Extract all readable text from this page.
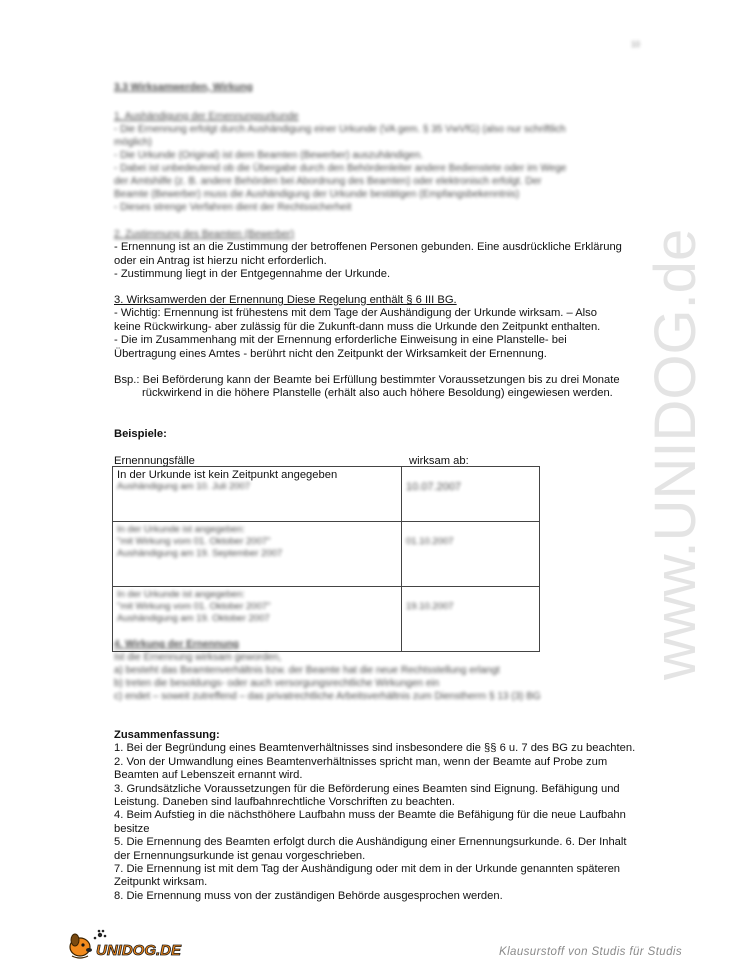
10
3.3 Wirksamwerden, Wirkung
1. Aushändigung der Ernennungsurkunde
- Die Ernennung erfolgt durch Aushändigung einer Urkunde (VA gem. § 35 VwVfG) (also nur schriftlich
möglich)
- Die Urkunde (Original) ist dem Beamten (Bewerber) auszuhändigen.
- Dabei ist unbedeutend ob die Übergabe durch den Behördenleiter andere Bedienstete oder im Wege
der Amtshilfe (z. B. andere Behörden bei Abordnung des Beamten) oder elektronisch erfolgt. Der
Beamte (Bewerber) muss die Aushändigung der Urkunde bestätigen (Empfangsbekenntnis)
- Dieses strenge Verfahren dient der Rechtssicherheit
2. Zustimmung des Beamten (Bewerber)
- Ernennung ist an die Zustimmung der betroffenen Personen gebunden. Eine ausdrückliche Erklärung
oder ein Antrag ist hierzu nicht erforderlich.
- Zustimmung liegt in der Entgegennahme der Urkunde.
3. Wirksamwerden der Ernennung Diese Regelung enthält § 6 III BG.
- Wichtig: Ernennung ist frühestens mit dem Tage der Aushändigung der Urkunde wirksam. – Also
keine Rückwirkung- aber zulässig für die Zukunft-dann muss die Urkunde den Zeitpunkt enthalten.
- Die im Zusammenhang mit der Ernennung erforderliche Einweisung in eine Planstelle- bei
Übertragung eines Amtes - berührt nicht den Zeitpunkt der Wirksamkeit der Ernennung.
Bsp.: Bei Beförderung kann der Beamte bei Erfüllung bestimmter Voraussetzungen bis zu drei Monate
rückwirkend in die höhere Planstelle (erhält also auch höhere Besoldung) eingewiesen werden.
Beispiele:
Ernennungsfälle	wirksam ab:
In der Urkunde ist kein Zeitpunkt angegeben
Aushändigung am 10. Juli 2007	10.07.2007

In der Urkunde ist angegeben:
"mit Wirkung vom 01. Oktober 2007"
Aushändigung am 19. September 2007	01.10.2007

In der Urkunde ist angegeben:
"mit Wirkung vom 01. Oktober 2007"
Aushändigung am 19. Oktober 2007	19.10.2007
4. Wirkung der Ernennung
Ist die Ernennung wirksam geworden,
a) besteht das Beamtenverhältnis bzw. der Beamte hat die neue Rechtsstellung erlangt
b) treten die besoldungs- oder auch versorgungsrechtliche Wirkungen ein
c) endet – soweit zutreffend – das privatrechtliche Arbeitsverhältnis zum Dienstherrn § 13 (3) BG
Zusammenfassung:
1. Bei der Begründung eines Beamtenverhältnisses sind insbesondere die §§ 6 u. 7 des BG zu beachten.
2. Von der Umwandlung eines Beamtenverhältnisses spricht man, wenn der Beamte auf Probe zum
Beamten auf Lebenszeit ernannt wird.
3. Grundsätzliche Voraussetzungen für die Beförderung eines Beamten sind Eignung. Befähigung und
Leistung. Daneben sind laufbahnrechtliche Vorschriften zu beachten.
4. Beim Aufstieg in die nächsthöhere Laufbahn muss der Beamte die Befähigung für die neue Laufbahn
besitze
5. Die Ernennung des Beamten erfolgt durch die Aushändigung einer Ernennungsurkunde. 6. Der Inhalt
der Ernennungsurkunde ist genau vorgeschrieben.
7. Die Ernennung ist mit dem Tag der Aushändigung oder mit dem in der Urkunde genannten späteren
Zeitpunkt wirksam.
8. Die Ernennung muss von der zuständigen Behörde ausgesprochen werden.
www.UNIDOG.de
UNIDOG.DE	Klausurstoff von Studis für Studis
